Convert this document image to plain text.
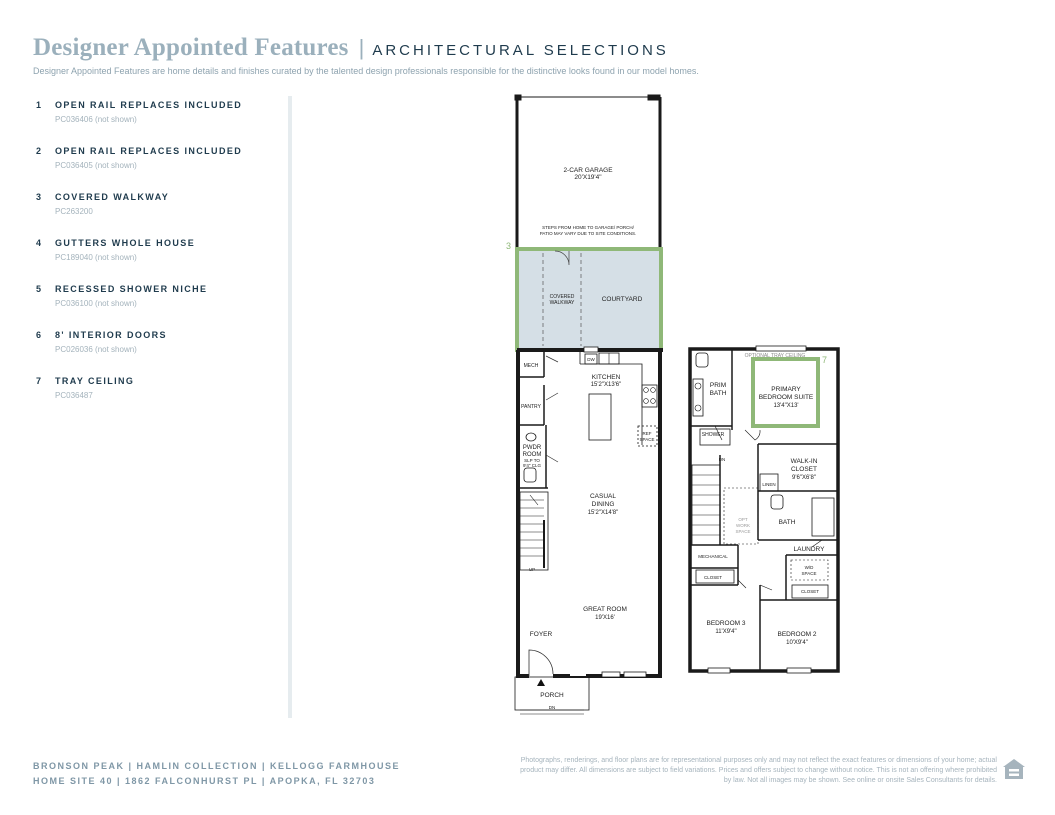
Designer Appointed Features | ARCHITECTURAL SELECTIONS
Designer Appointed Features are home details and finishes curated by the talented design professionals responsible for the distinctive looks found in our model homes.
1 OPEN RAIL REPLACES INCLUDED
PC036406 (not shown)
2 OPEN RAIL REPLACES INCLUDED
PC036405 (not shown)
3 COVERED WALKWAY
PC263200
4 GUTTERS WHOLE HOUSE
PC189040 (not shown)
5 RECESSED SHOWER NICHE
PC036100 (not shown)
6 8' INTERIOR DOORS
PC026036 (not shown)
7 TRAY CEILING
PC036487
2-CAR GARAGE
20'X19'4"
STEPS FROM HOME TO GARAGE/ PORCH/
PATIO MAY VARY DUE TO SITE CONDITIONS.
3
COVERED
WALKWAY	COURTYARD
MECH
DW
KITCHEN
15'2"X13'6"
PANTRY
REF
SPACE
PWDR
ROOM
SLP TO
9'4" CLG
CASUAL
DINING
15'2"X14'8"
UP
GREAT ROOM
19'X16'
FOYER
PORCH
DN
OPTIONAL TRAY CEILING 7
PRIM
BATH
PRIMARY
BEDROOM SUITE
13'4"X13'
SHOWER
DN	WALK-IN
CLOSET
9'6"X6'8"
LINEN
OPT
WORK
SPACE
BATH
MECHANICAL
LAUNDRY
W/D
SPACE
CLOSET
CLOSET
BEDROOM 3
11'X9'4"	BEDROOM 2
10'X9'4"
BRONSON PEAK | HAMLIN COLLECTION | KELLOGG FARMHOUSE
HOME SITE 40 | 1862 FALCONHURST PL | APOPKA, FL 32703
Photographs, renderings, and floor plans are for representational purposes only and may not reflect the exact features or dimensions of your home; actual product may differ. All dimensions are subject to field variations. Prices and offers subject to change without notice. This is not an offering where prohibited by law. Not all images may be shown. See online or onsite Sales Consultants for details.
